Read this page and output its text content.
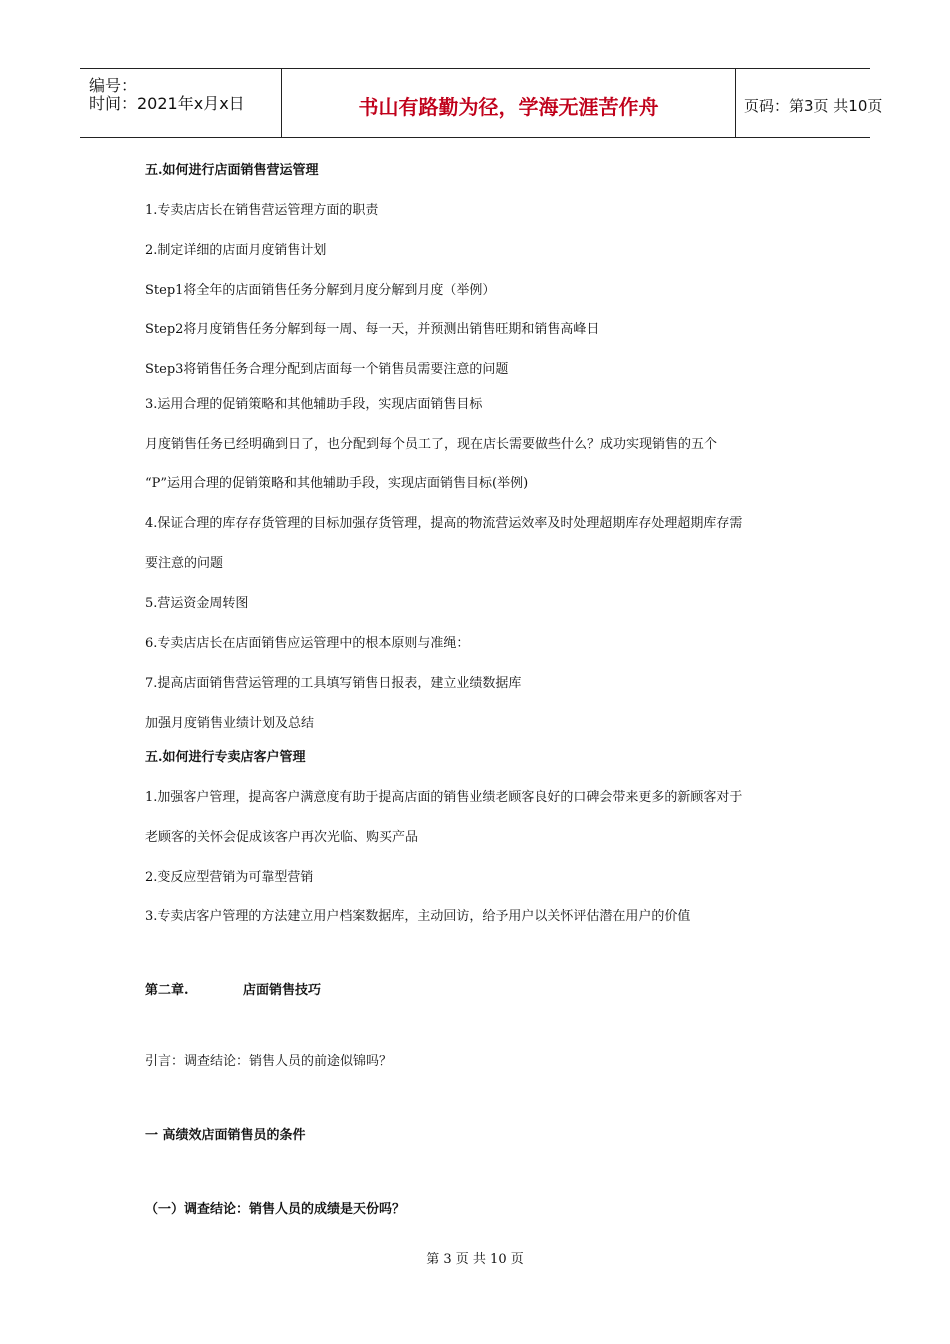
编号：
时间：2021年x月x日	书山有路勤为径，学海无涯苦作舟	页码：第3页 共10页
五.如何进行店面销售营运管理
1.专卖店店长在销售营运管理方面的职责
2.制定详细的店面月度销售计划
Step1将全年的店面销售任务分解到月度分解到月度（举例）
Step2将月度销售任务分解到每一周、每一天，并预测出销售旺期和销售高峰日
Step3将销售任务合理分配到店面每一个销售员需要注意的问题
3.运用合理的促销策略和其他辅助手段，实现店面销售目标
月度销售任务已经明确到日了，也分配到每个员工了，现在店长需要做些什么？成功实现销售的五个
“P”运用合理的促销策略和其他辅助手段，实现店面销售目标(举例)
4.保证合理的库存存货管理的目标加强存货管理，提高的物流营运效率及时处理超期库存处理超期库存需
要注意的问题
5.营运资金周转图
6.专卖店店长在店面销售应运管理中的根本原则与准绳：
7.提高店面销售营运管理的工具填写销售日报表，建立业绩数据库
加强月度销售业绩计划及总结
五.如何进行专卖店客户管理
1.加强客户管理，提高客户满意度有助于提高店面的销售业绩老顾客良好的口碑会带来更多的新顾客对于
老顾客的关怀会促成该客户再次光临、购买产品
2.变反应型营销为可靠型营销
3.专卖店客户管理的方法建立用户档案数据库，主动回访，给予用户以关怀评估潜在用户的价值
第二章.	店面销售技巧
引言：调查结论：销售人员的前途似锦吗？
一 高绩效店面销售员的条件
（一）调查结论：销售人员的成绩是天份吗？
第 3 页 共 10 页
